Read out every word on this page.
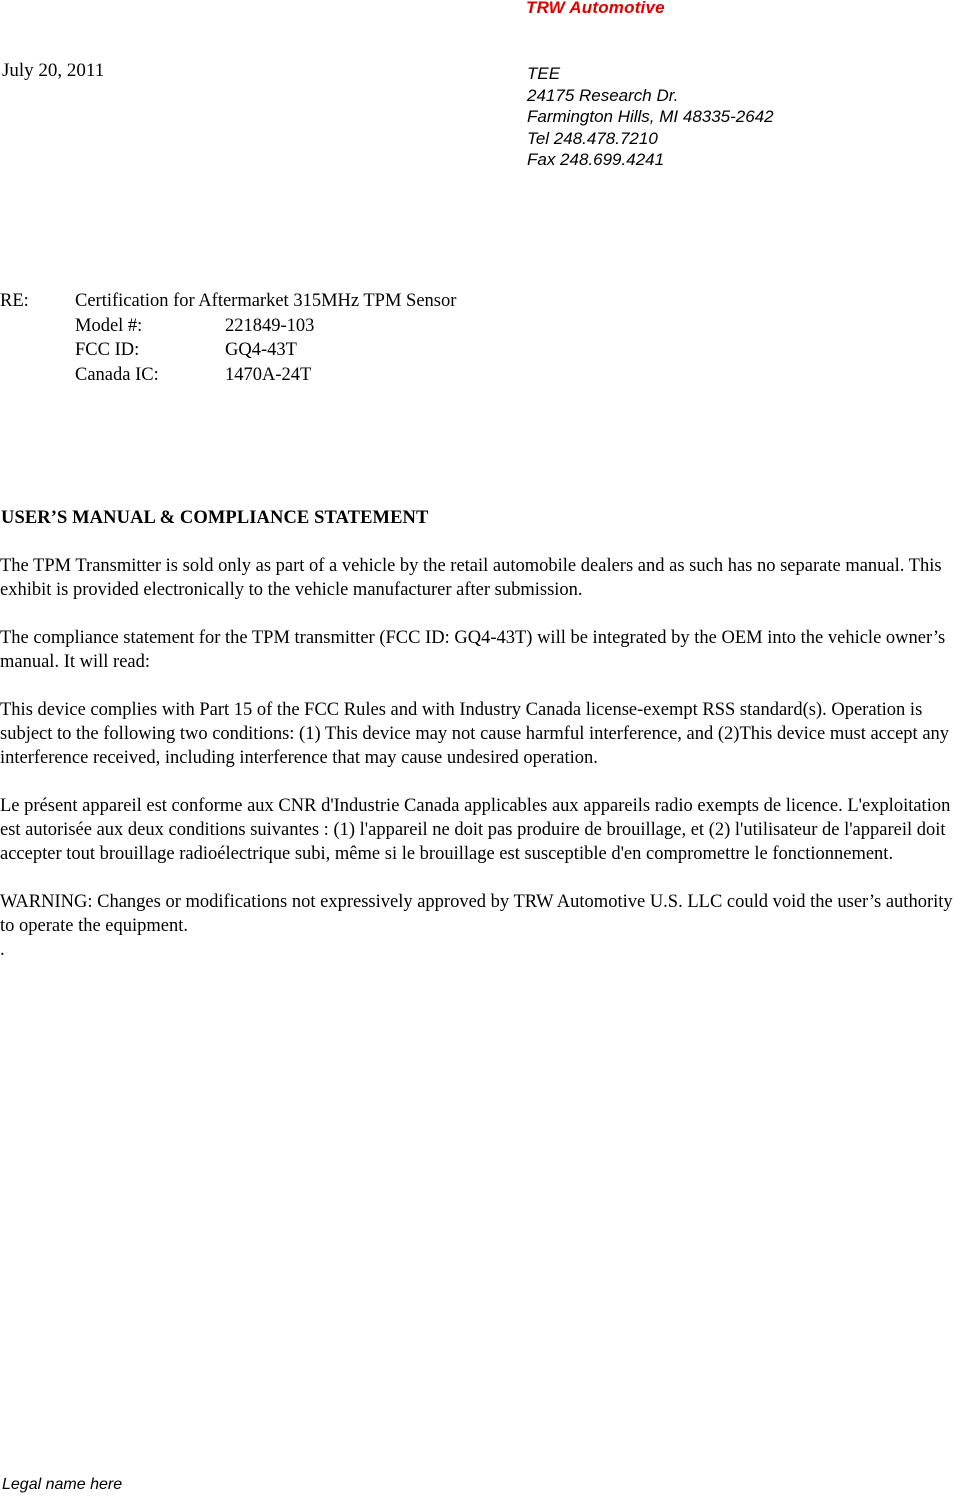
TRW Automotive
July 20, 2011	TEE
24175 Research Dr.
Farmington Hills, MI 48335-2642
Tel 248.478.7210
Fax 248.699.4241
RE: Certification for Aftermarket 315MHz TPM Sensor
Model #:	221849-103
FCC ID:	GQ4-43T
Canada IC:	1470A-24T
USER’S MANUAL & COMPLIANCE STATEMENT

The TPM Transmitter is sold only as part of a vehicle by the retail automobile dealers and as such has no separate manual. This exhibit is provided electronically to the vehicle manufacturer after submission.

The compliance statement for the TPM transmitter (FCC ID: GQ4-43T) will be integrated by the OEM into the vehicle owner’s manual. It will read:

This device complies with Part 15 of the FCC Rules and with Industry Canada license-exempt RSS standard(s). Operation is subject to the following two conditions: (1) This device may not cause harmful interference, and (2)This device must accept any interference received, including interference that may cause undesired operation.

Le présent appareil est conforme aux CNR d'Industrie Canada applicables aux appareils radio exempts de licence. L'exploitation est autorisée aux deux conditions suivantes : (1) l'appareil ne doit pas produire de brouillage, et (2) l'utilisateur de l'appareil doit accepter tout brouillage radioélectrique subi, même si le brouillage est susceptible d'en compromettre le fonctionnement.

WARNING: Changes or modifications not expressively approved by TRW Automotive U.S. LLC could void the user’s authority to operate the equipment.

.

Legal name here
